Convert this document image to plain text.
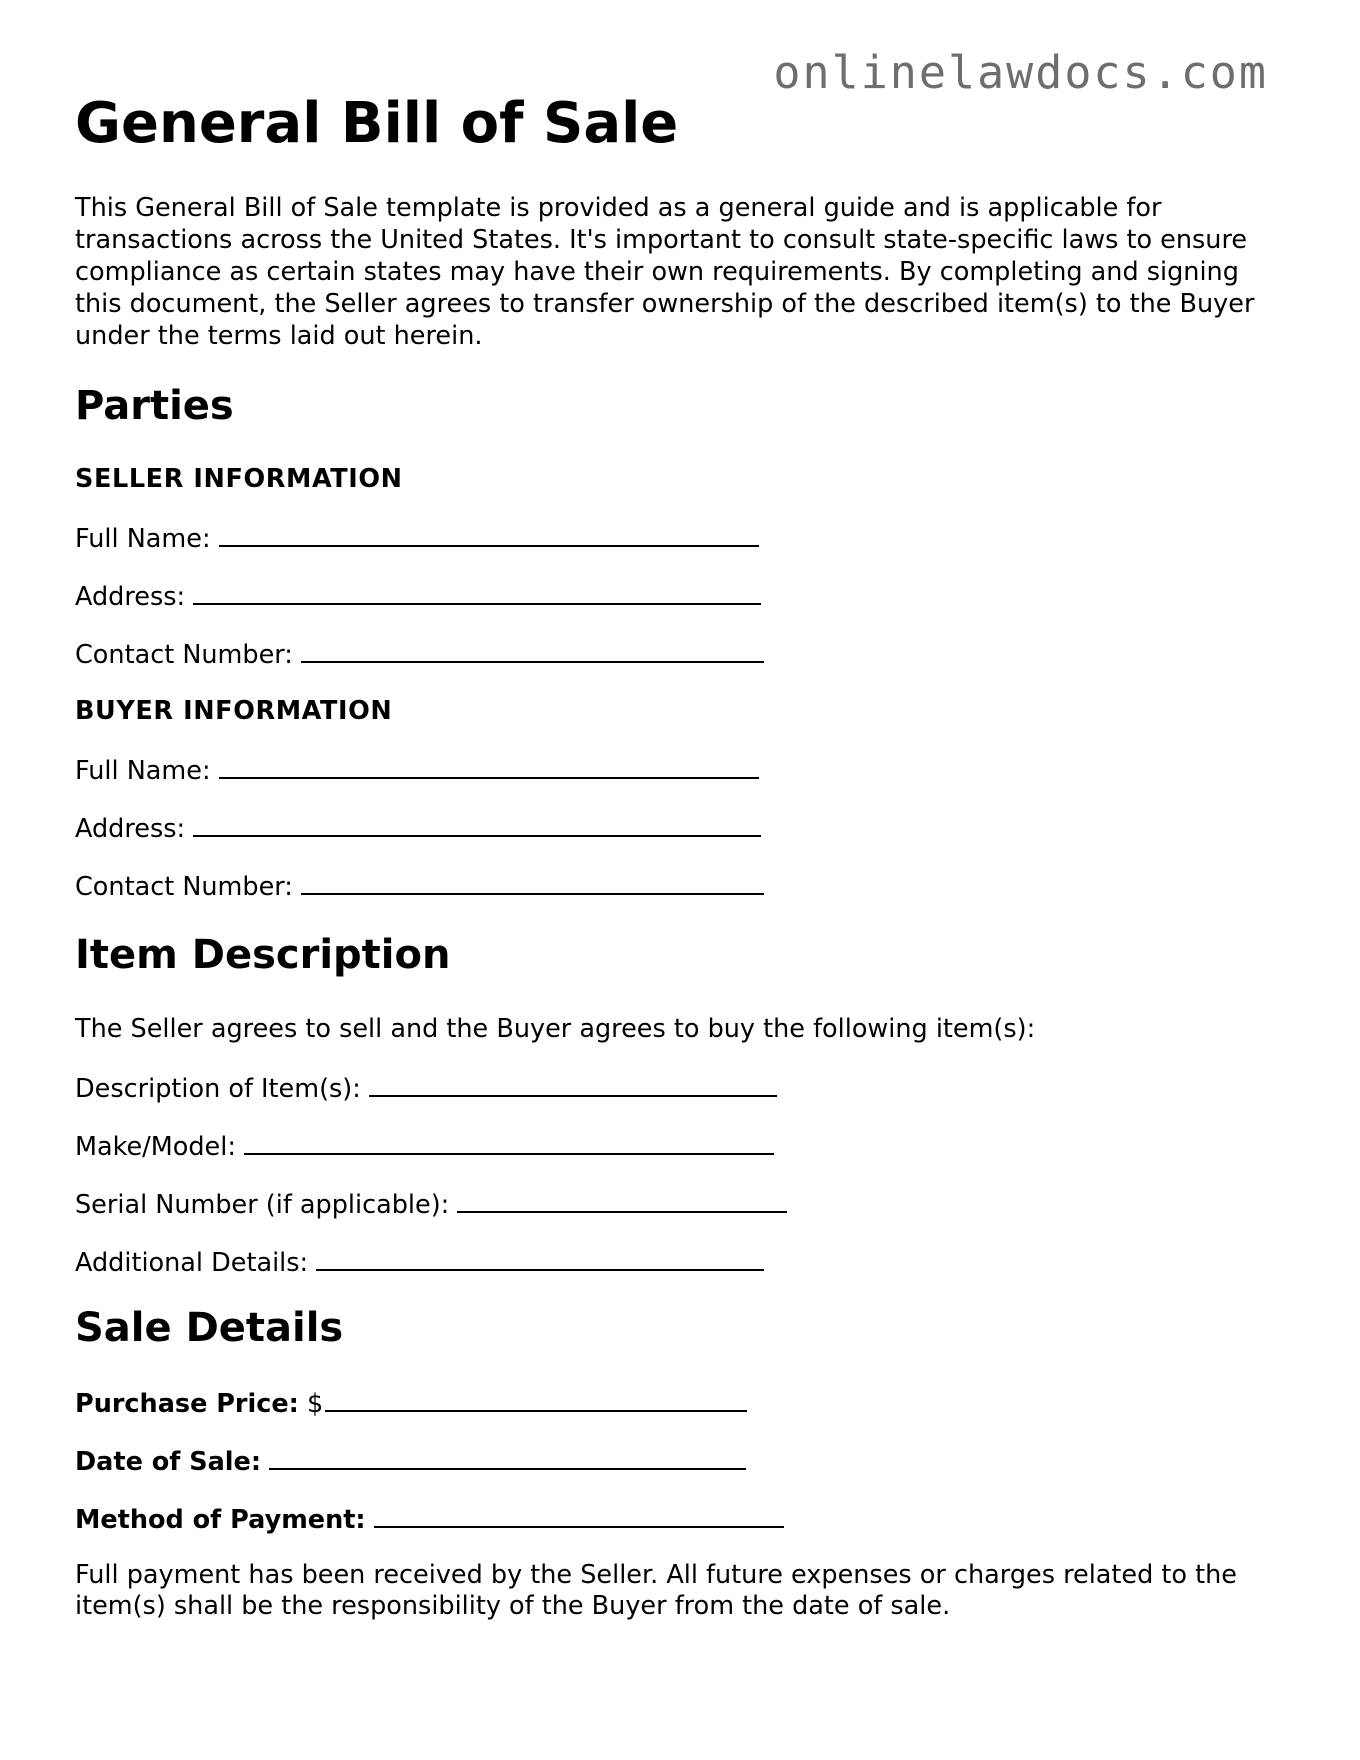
onlinelawdocs.com
General Bill of Sale

This General Bill of Sale template is provided as a general guide and is applicable for transactions across the United States. It's important to consult state-specific laws to ensure compliance as certain states may have their own requirements. By completing and signing this document, the Seller agrees to transfer ownership of the described item(s) to the Buyer under the terms laid out herein.

Parties
SELLER INFORMATION
Full Name:
Address:
Contact Number:
BUYER INFORMATION
Full Name:
Address:
Contact Number:
Item Description

The Seller agrees to sell and the Buyer agrees to buy the following item(s):

Description of Item(s):
Make/Model:
Serial Number (if applicable):
Additional Details:
Sale Details
Purchase Price: $
Date of Sale:
Method of Payment:

Full payment has been received by the Seller. All future expenses or charges related to the item(s) shall be the responsibility of the Buyer from the date of sale.
